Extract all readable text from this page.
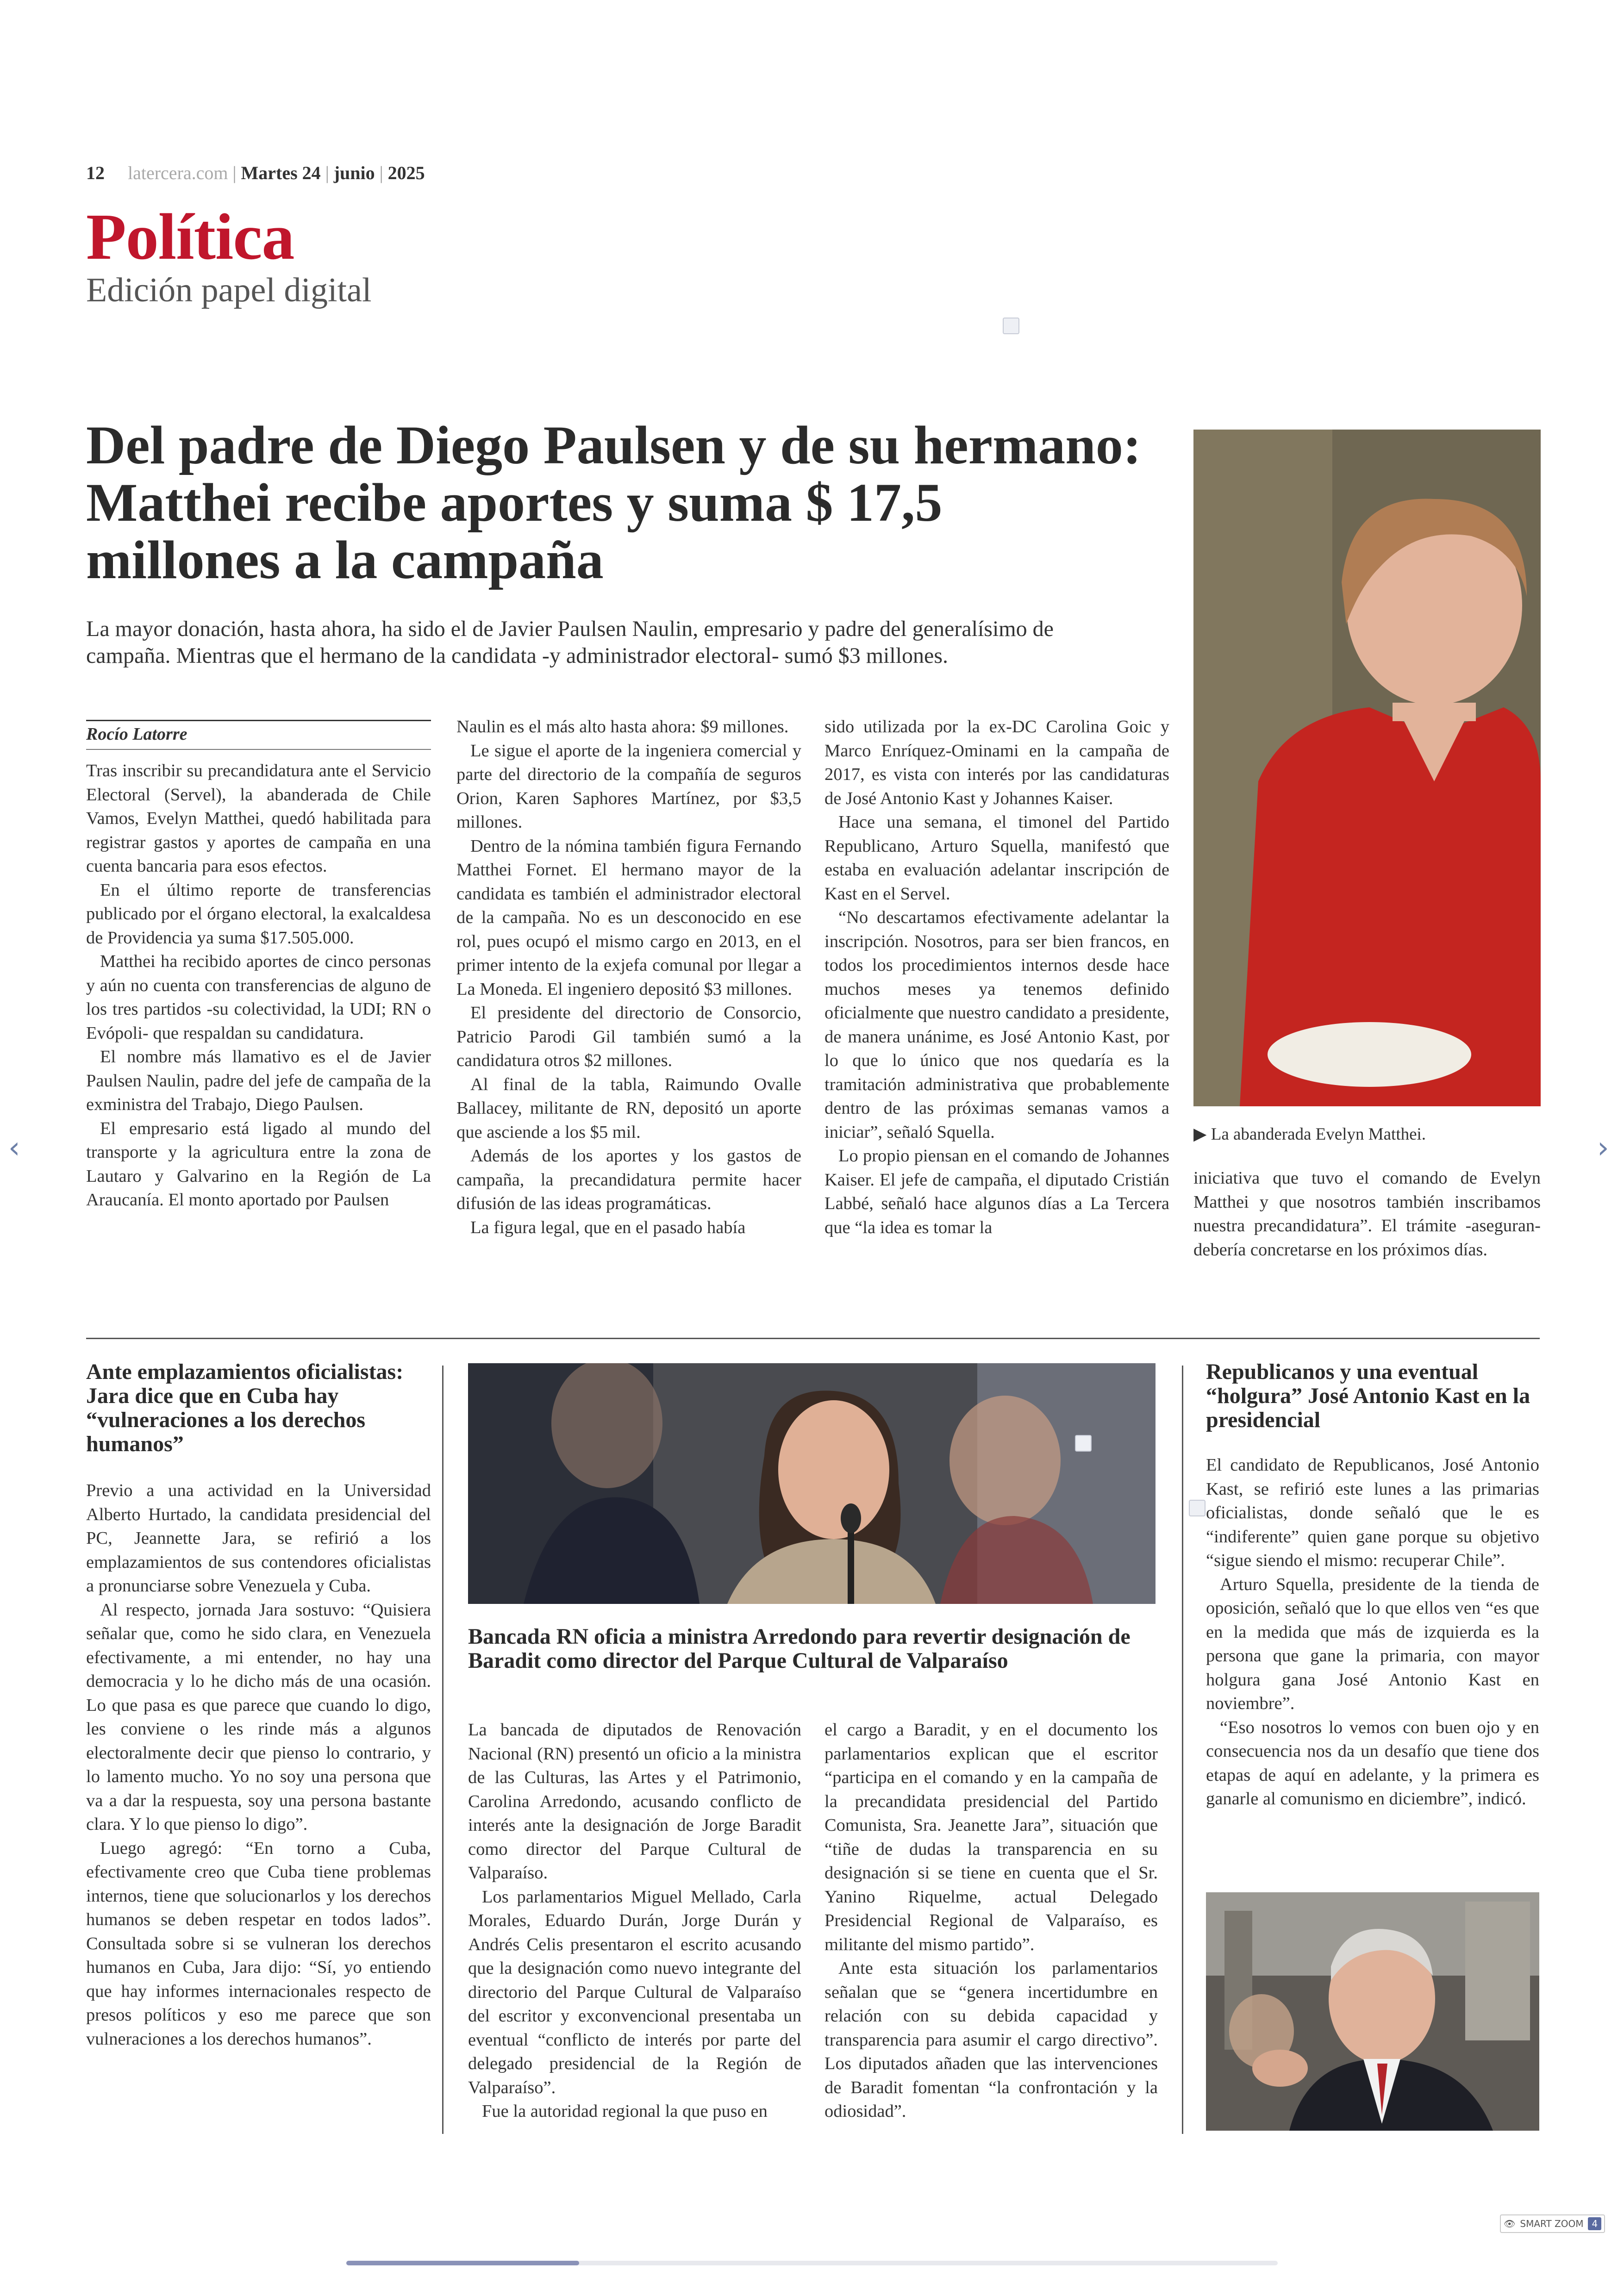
12 latercera.com | Martes 24 | junio | 2025
Política
Edición papel digital
Del padre de Diego Paulsen y de su hermano: Matthei recibe aportes y suma $ 17,5 millones a la campaña
La mayor donación, hasta ahora, ha sido el de Javier Paulsen Naulin, empresario y padre del generalísimo de campaña. Mientras que el hermano de la candidata -y administrador electoral- sumó $3 millones.
Rocío Latorre

Tras inscribir su precandidatura ante el Servicio Electoral (Servel), la abanderada de Chile Vamos, Evelyn Matthei, quedó habilitada para registrar gastos y aportes de campaña en una cuenta bancaria para esos efectos.

En el último reporte de transferencias publicado por el órgano electoral, la exalcaldesa de Providencia ya suma $17.505.000.

Matthei ha recibido aportes de cinco personas y aún no cuenta con transferencias de alguno de los tres partidos -su colectividad, la UDI; RN o Evópoli- que respaldan su candidatura.

El nombre más llamativo es el de Javier Paulsen Naulin, padre del jefe de campaña de la exministra del Trabajo, Diego Paulsen.

El empresario está ligado al mundo del transporte y la agricultura entre la zona de Lautaro y Galvarino en la Región de La Araucanía. El monto aportado por Paulsen

Naulin es el más alto hasta ahora: $9 millones.

Le sigue el aporte de la ingeniera comercial y parte del directorio de la compañía de seguros Orion, Karen Saphores Martínez, por $3,5 millones.

Dentro de la nómina también figura Fernando Matthei Fornet. El hermano mayor de la candidata es también el administrador electoral de la campaña. No es un desconocido en ese rol, pues ocupó el mismo cargo en 2013, en el primer intento de la exjefa comunal por llegar a La Moneda. El ingeniero depositó $3 millones.

El presidente del directorio de Consorcio, Patricio Parodi Gil también sumó a la candidatura otros $2 millones.

Al final de la tabla, Raimundo Ovalle Ballacey, militante de RN, depositó un aporte que asciende a los $5 mil.

Además de los aportes y los gastos de campaña, la precandidatura permite hacer difusión de las ideas programáticas.

La figura legal, que en el pasado había

sido utilizada por la ex-DC Carolina Goic y Marco Enríquez-Ominami en la campaña de 2017, es vista con interés por las candidaturas de José Antonio Kast y Johannes Kaiser.

Hace una semana, el timonel del Partido Republicano, Arturo Squella, manifestó que estaba en evaluación adelantar inscripción de Kast en el Servel.

“No descartamos efectivamente adelantar la inscripción. Nosotros, para ser bien francos, en todos los procedimientos internos desde hace muchos meses ya tenemos definido oficialmente que nuestro candidato a presidente, de manera unánime, es José Antonio Kast, por lo que lo único que nos quedaría es la tramitación administrativa que probablemente dentro de las próximas semanas vamos a iniciar”, señaló Squella.

Lo propio piensan en el comando de Johannes Kaiser. El jefe de campaña, el diputado Cristián Labbé, señaló hace algunos días a La Tercera que “la idea es tomar la

▶ La abanderada Evelyn Matthei.

iniciativa que tuvo el comando de Evelyn Matthei y que nosotros también inscribamos nuestra precandidatura”. El trámite -aseguran- debería concretarse en los próximos días.

Ante emplazamientos oficialistas: Jara dice que en Cuba hay “vulneraciones a los derechos humanos”

Previo a una actividad en la Universidad Alberto Hurtado, la candidata presidencial del PC, Jeannette Jara, se refirió a los emplazamientos de sus contendores oficialistas a pronunciarse sobre Venezuela y Cuba.

Al respecto, jornada Jara sostuvo: “Quisiera señalar que, como he sido clara, en Venezuela efectivamente, a mi entender, no hay una democracia y lo he dicho más de una ocasión. Lo que pasa es que parece que cuando lo digo, les conviene o les rinde más a algunos electoralmente decir que pienso lo contrario, y lo lamento mucho. Yo no soy una persona que va a dar la respuesta, soy una persona bastante clara. Y lo que pienso lo digo”.

Luego agregó: “En torno a Cuba, efectivamente creo que Cuba tiene problemas internos, tiene que solucionarlos y los derechos humanos se deben respetar en todos lados”. Consultada sobre si se vulneran los derechos humanos en Cuba, Jara dijo: “Sí, yo entiendo que hay informes internacionales respecto de presos políticos y eso me parece que son vulneraciones a los derechos humanos”.

Bancada RN oficia a ministra Arredondo para revertir designación de Baradit como director del Parque Cultural de Valparaíso

La bancada de diputados de Renovación Nacional (RN) presentó un oficio a la ministra de las Culturas, las Artes y el Patrimonio, Carolina Arredondo, acusando conflicto de interés ante la designación de Jorge Baradit como director del Parque Cultural de Valparaíso.

Los parlamentarios Miguel Mellado, Carla Morales, Eduardo Durán, Jorge Durán y Andrés Celis presentaron el escrito acusando que la designación como nuevo integrante del directorio del Parque Cultural de Valparaíso del escritor y exconvencional presentaba un eventual “conflicto de interés por parte del delegado presidencial de la Región de Valparaíso”.

Fue la autoridad regional la que puso en

el cargo a Baradit, y en el documento los parlamentarios explican que el escritor “participa en el comando y en la campaña de la precandidata presidencial del Partido Comunista, Sra. Jeanette Jara”, situación que “tiñe de dudas la transparencia en su designación si se tiene en cuenta que el Sr. Yanino Riquelme, actual Delegado Presidencial Regional de Valparaíso, es militante del mismo partido”.

Ante esta situación los parlamentarios señalan que se “genera incertidumbre en relación con su debida capacidad y transparencia para asumir el cargo directivo”. Los diputados añaden que las intervenciones de Baradit fomentan “la confrontación y la odiosidad”.

Republicanos y una eventual “holgura” José Antonio Kast en la presidencial

El candidato de Republicanos, José Antonio Kast, se refirió este lunes a las primarias oficialistas, donde señaló que le es “indiferente” quien gane porque su objetivo “sigue siendo el mismo: recuperar Chile”.

Arturo Squella, presidente de la tienda de oposición, señaló que lo que ellos ven “es que en la medida que más de izquierda es la persona que gane la primaria, con mayor holgura gana José Antonio Kast en noviembre”.

“Eso nosotros lo vemos con buen ojo y en consecuencia nos da un desafío que tiene dos etapas de aquí en adelante, y la primera es ganarle al comunismo en diciembre”, indicó.

‹	›
👁 SMART ZOOM 4
